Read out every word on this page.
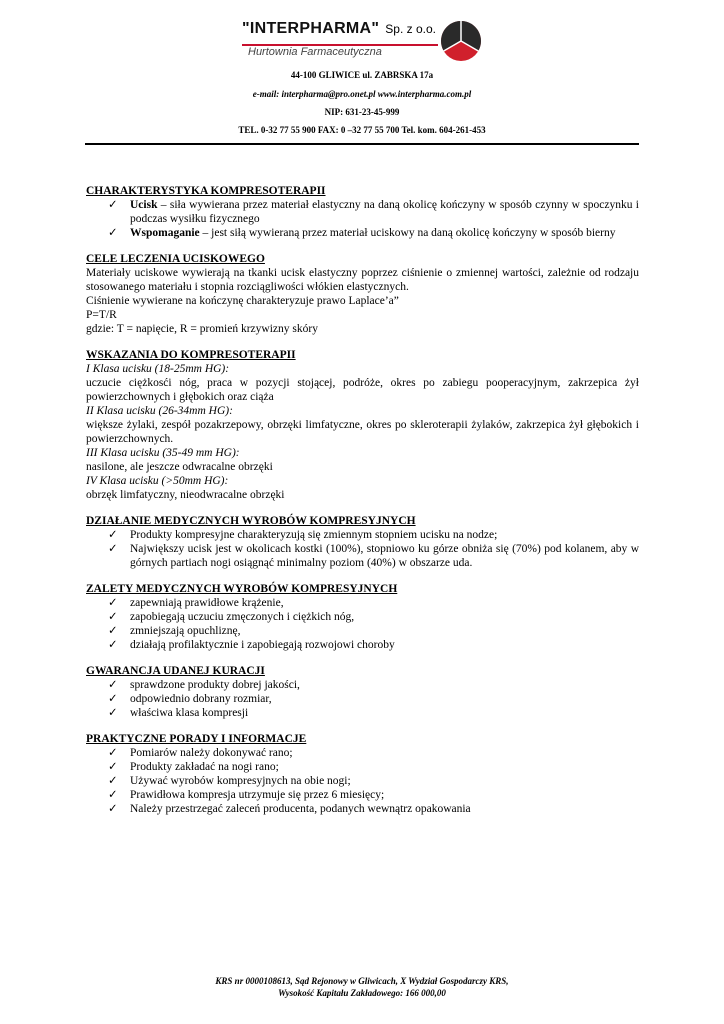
"INTERPHARMA" Sp. z o.o.
Hurtownia Farmaceutyczna
44-100 GLIWICE ul. ZABRSKA 17a
e-mail: interpharma@pro.onet.pl www.interpharma.com.pl
NIP: 631-23-45-999
TEL. 0-32 77 55 900 FAX: 0 –32 77 55 700 Tel. kom. 604-261-453

CHARAKTERYSTYKA KOMPRESOTERAPII

✓ Ucisk – siła wywierana przez materiał elastyczny na daną okolicę kończyny w sposób czynny w spoczynku i podczas wysiłku fizycznego
✓ Wspomaganie – jest siłą wywieraną przez materiał uciskowy na daną okolicę kończyny w sposób bierny

CELE LECZENIA UCISKOWEGO

Materiały uciskowe wywierają na tkanki ucisk elastyczny poprzez ciśnienie o zmiennej wartości, zależnie od rodzaju stosowanego materiału i stopnia rozciągliwości włókien elastycznych.

Ciśnienie wywierane na kończynę charakteryzuje prawo Laplace’a”

P=T/R

gdzie: T = napięcie, R = promień krzywizny skóry

WSKAZANIA DO KOMPRESOTERAPII

I Klasa ucisku (18-25mm HG):

uczucie ciężkosći nóg, praca w pozycji stojącej, podróże, okres po zabiegu pooperacyjnym, zakrzepica żył powierzchownych i głębokich oraz ciąża

II Klasa ucisku (26-34mm HG):

większe żylaki, zespół pozakrzepowy, obrzęki limfatyczne, okres po skleroterapii żylaków, zakrzepica żył głębokich i powierzchownych.

III Klasa ucisku (35-49 mm HG):

nasilone, ale jeszcze odwracalne obrzęki

IV Klasa ucisku (>50mm HG):

obrzęk limfatyczny, nieodwracalne obrzęki

DZIAŁANIE MEDYCZNYCH WYROBÓW KOMPRESYJNYCH

✓ Produkty kompresyjne charakteryzują się zmiennym stopniem ucisku na nodze;
✓ Największy ucisk jest w okolicach kostki (100%), stopniowo ku górze obniża się (70%) pod kolanem, aby w górnych partiach nogi osiągnąć minimalny poziom (40%) w obszarze uda.

ZALETY MEDYCZNYCH WYROBÓW KOMPRESYJNYCH

✓ zapewniają prawidłowe krążenie,
✓ zapobiegają uczuciu zmęczonych i ciężkich nóg,
✓ zmniejszają opuchliznę,
✓ działają profilaktycznie i zapobiegają rozwojowi choroby

GWARANCJA UDANEJ KURACJI

✓ sprawdzone produkty dobrej jakości,
✓ odpowiednio dobrany rozmiar,
✓ właściwa klasa kompresji

PRAKTYCZNE PORADY I INFORMACJE

✓ Pomiarów należy dokonywać rano;
✓ Produkty zakładać na nogi rano;
✓ Używać wyrobów kompresyjnych na obie nogi;
✓ Prawidłowa kompresja utrzymuje się przez 6 miesięcy;
✓ Należy przestrzegać zaleceń producenta, podanych wewnątrz opakowania
KRS nr 0000108613, Sąd Rejonowy w Gliwicach, X Wydział Gospodarczy KRS,
Wysokość Kapitału Zakładowego: 166 000,00
